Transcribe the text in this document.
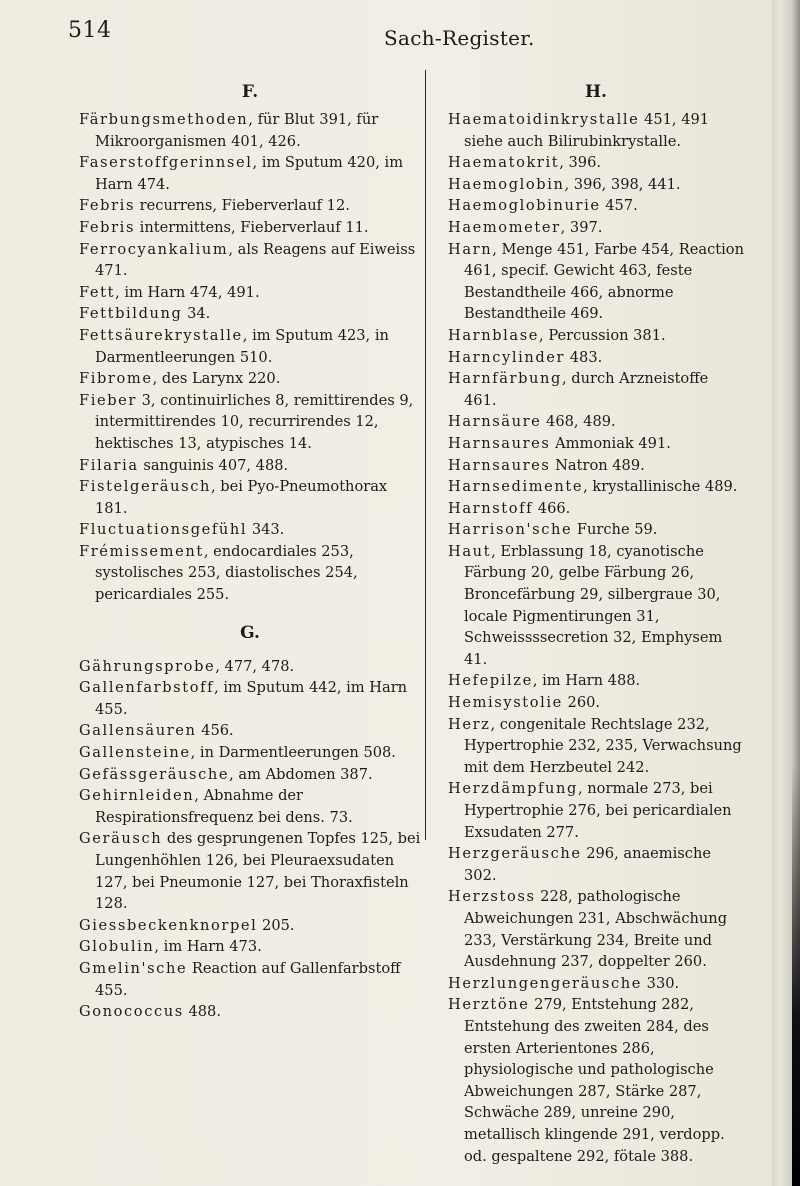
514	Sach-Register.
F.
Färbungsmethoden, für Blut 391, für Mikroorganismen 401, 426.
Faserstoffgerinnsel, im Sputum 420, im Harn 474.
Febris recurrens, Fieberverlauf 12.
Febris intermittens, Fieberverlauf 11.
Ferrocyankalium, als Reagens auf Eiweiss 471.
Fett, im Harn 474, 491.
Fettbildung 34.
Fettsäurekrystalle, im Sputum 423, in Darmentleerungen 510.
Fibrome, des Larynx 220.
Fieber 3, continuirliches 8, remittirendes 9, intermittirendes 10, recurrirendes 12, hektisches 13, atypisches 14.
Filaria sanguinis 407, 488.
Fistelgeräusch, bei Pyo-Pneumothorax 181.
Fluctuationsgefühl 343.
Frémissement, endocardiales 253, systolisches 253, diastolisches 254, pericardiales 255.
G.
Gährungsprobe, 477, 478.
Gallenfarbstoff, im Sputum 442, im Harn 455.
Gallensäuren 456.
Gallensteine, in Darmentleerungen 508.
Gefässgeräusche, am Abdomen 387.
Gehirnleiden, Abnahme der Respirationsfrequenz bei dens. 73.
Geräusch des gesprungenen Topfes 125, bei Lungenhöhlen 126, bei Pleuraexsudaten 127, bei Pneumonie 127, bei Thoraxfisteln 128.
Giessbeckenknorpel 205.
Globulin, im Harn 473.
Gmelin'sche Reaction auf Gallenfarbstoff 455.
Gonococcus 488.
H.
Haematoidinkrystalle 451, 491 siehe auch Bilirubinkrystalle.
Haematokrit, 396.
Haemoglobin, 396, 398, 441.
Haemoglobinurie 457.
Haemometer, 397.
Harn, Menge 451, Farbe 454, Reaction 461, specif. Gewicht 463, feste Bestandtheile 466, abnorme Bestandtheile 469.
Harnblase, Percussion 381.
Harncylinder 483.
Harnfärbung, durch Arzneistoffe 461.
Harnsäure 468, 489.
Harnsaures Ammoniak 491.
Harnsaures Natron 489.
Harnsedimente, krystallinische 489.
Harnstoff 466.
Harrison'sche Furche 59.
Haut, Erblassung 18, cyanotische Färbung 20, gelbe Färbung 26, Broncefärbung 29, silbergraue 30, locale Pigmentirungen 31, Schweissssecretion 32, Emphysem 41.
Hefepilze, im Harn 488.
Hemisystolie 260.
Herz, congenitale Rechtslage 232, Hypertrophie 232, 235, Verwachsung mit dem Herzbeutel 242.
Herzdämpfung, normale 273, bei Hypertrophie 276, bei pericardialen Exsudaten 277.
Herzgeräusche 296, anaemische 302.
Herzstoss 228, pathologische Abweichungen 231, Abschwächung 233, Verstärkung 234, Breite und Ausdehnung 237, doppelter 260.
Herzlungengeräusche 330.
Herztöne 279, Entstehung 282, Entstehung des zweiten 284, des ersten Arterientones 286, physiologische und pathologische Abweichungen 287, Stärke 287, Schwäche 289, unreine 290, metallisch klingende 291, verdopp. od. gespaltene 292, fötale 388.
